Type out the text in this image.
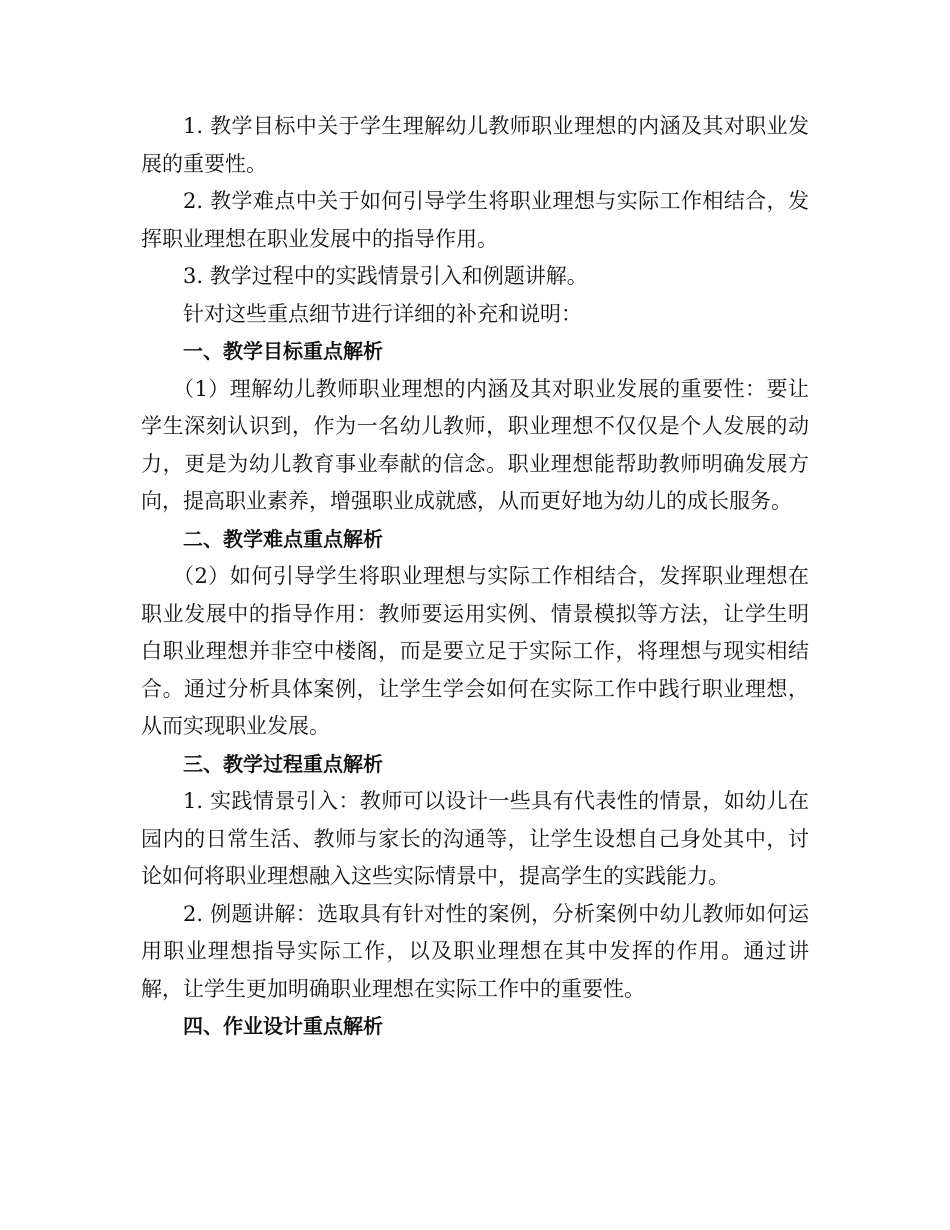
1. 教学目标中关于学生理解幼儿教师职业理想的内涵及其对职业发展的重要性。

2. 教学难点中关于如何引导学生将职业理想与实际工作相结合，发挥职业理想在职业发展中的指导作用。

3. 教学过程中的实践情景引入和例题讲解。

针对这些重点细节进行详细的补充和说明：

一、教学目标重点解析

（1）理解幼儿教师职业理想的内涵及其对职业发展的重要性：要让学生深刻认识到，作为一名幼儿教师，职业理想不仅仅是个人发展的动力，更是为幼儿教育事业奉献的信念。职业理想能帮助教师明确发展方向，提高职业素养，增强职业成就感，从而更好地为幼儿的成长服务。

二、教学难点重点解析

（2）如何引导学生将职业理想与实际工作相结合，发挥职业理想在职业发展中的指导作用：教师要运用实例、情景模拟等方法，让学生明白职业理想并非空中楼阁，而是要立足于实际工作，将理想与现实相结合。通过分析具体案例，让学生学会如何在实际工作中践行职业理想，从而实现职业发展。

三、教学过程重点解析

1. 实践情景引入：教师可以设计一些具有代表性的情景，如幼儿在园内的日常生活、教师与家长的沟通等，让学生设想自己身处其中，讨论如何将职业理想融入这些实际情景中，提高学生的实践能力。

2. 例题讲解：选取具有针对性的案例，分析案例中幼儿教师如何运用职业理想指导实际工作，以及职业理想在其中发挥的作用。通过讲解，让学生更加明确职业理想在实际工作中的重要性。

四、作业设计重点解析
